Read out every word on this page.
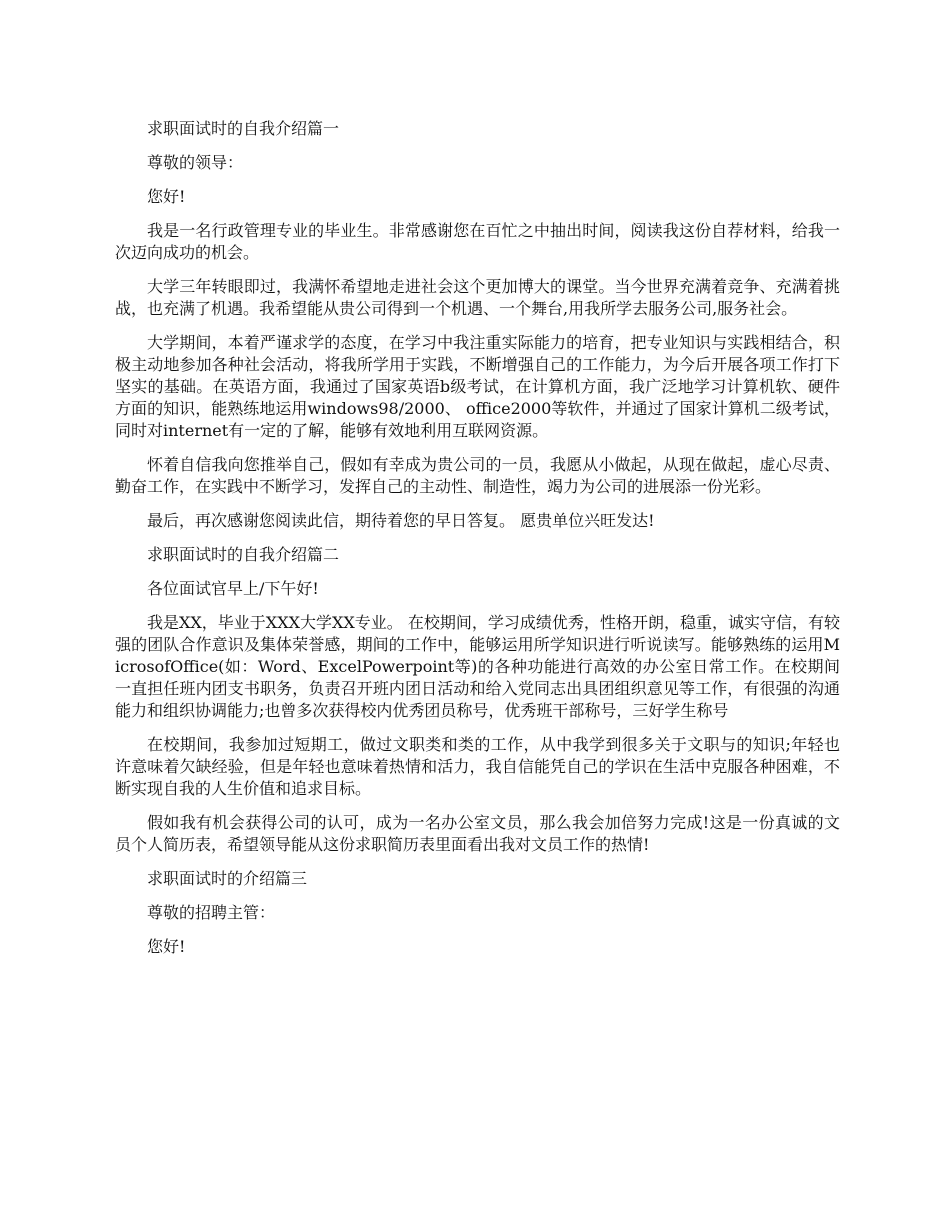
求职面试时的自我介绍篇一

尊敬的领导：

您好!

我是一名行政管理专业的毕业生。非常感谢您在百忙之中抽出时间，阅读我这份自荐材料，给我一次迈向成功的机会。

大学三年转眼即过，我满怀希望地走进社会这个更加博大的课堂。当今世界充满着竞争、充满着挑战，也充满了机遇。我希望能从贵公司得到一个机遇、一个舞台,用我所学去服务公司,服务社会。

大学期间，本着严谨求学的态度，在学习中我注重实际能力的培育，把专业知识与实践相结合，积极主动地参加各种社会活动，将我所学用于实践，不断增强自己的工作能力，为今后开展各项工作打下坚实的基础。在英语方面，我通过了国家英语b级考试，在计算机方面，我广泛地学习计算机软、硬件方面的知识，能熟练地运用windows98/2000、 office2000等软件，并通过了国家计算机二级考试，同时对internet有一定的了解，能够有效地利用互联网资源。

怀着自信我向您推举自己，假如有幸成为贵公司的一员，我愿从小做起，从现在做起，虚心尽责、勤奋工作，在实践中不断学习，发挥自己的主动性、制造性，竭力为公司的进展添一份光彩。

最后，再次感谢您阅读此信，期待着您的早日答复。 愿贵单位兴旺发达!

求职面试时的自我介绍篇二

各位面试官早上/下午好!

我是XX，毕业于XXX大学XX专业。 在校期间，学习成绩优秀，性格开朗，稳重，诚实守信，有较强的团队合作意识及集体荣誉感，期间的工作中，能够运用所学知识进行听说读写。能够熟练的运用MicrosofOffice(如：Word、ExcelPowerpoint等)的各种功能进行高效的办公室日常工作。在校期间一直担任班内团支书职务，负责召开班内团日活动和给入党同志出具团组织意见等工作，有很强的沟通能力和组织协调能力;也曾多次获得校内优秀团员称号，优秀班干部称号，三好学生称号

在校期间，我参加过短期工，做过文职类和类的工作，从中我学到很多关于文职与的知识;年轻也许意味着欠缺经验，但是年轻也意味着热情和活力，我自信能凭自己的学识在生活中克服各种困难，不断实现自我的人生价值和追求目标。

假如我有机会获得公司的认可，成为一名办公室文员，那么我会加倍努力完成!这是一份真诚的文员个人简历表，希望领导能从这份求职简历表里面看出我对文员工作的热情!

求职面试时的介绍篇三

尊敬的招聘主管：

您好!
